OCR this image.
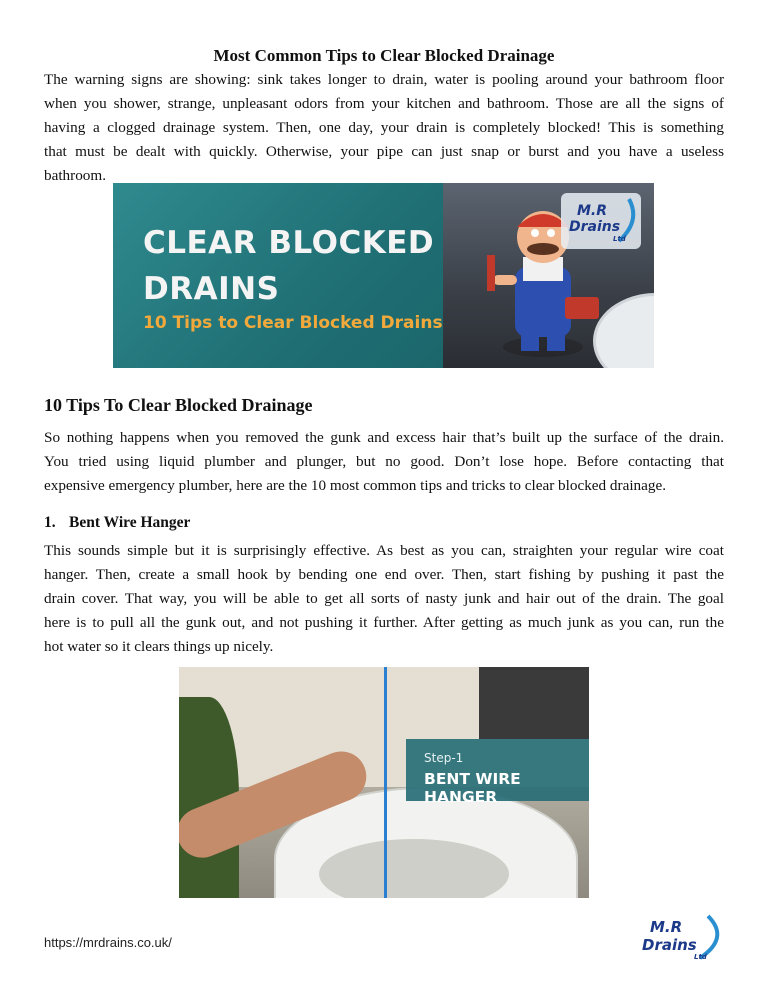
Most Common Tips to Clear Blocked Drainage

The warning signs are showing: sink takes longer to drain, water is pooling around your bathroom floor

when you shower, strange, unpleasant odors from your kitchen and bathroom. Those are all the signs of

having a clogged drainage system. Then, one day, your drain is completely blocked! This is something

that must be dealt with quickly. Otherwise, your pipe can just snap or burst and you have a useless

bathroom.

CLEAR BLOCKED
DRAINS
10 Tips to Clear Blocked Drains
M.R
Drains
Ltd
10 Tips To Clear Blocked Drainage

So nothing happens when you removed the gunk and excess hair that’s built up the surface of the drain.

You tried using liquid plumber and plunger, but no good. Don’t lose hope. Before contacting that

expensive emergency plumber, here are the 10 most common tips and tricks to clear blocked drainage.

1. Bent Wire Hanger

This sounds simple but it is surprisingly effective. As best as you can, straighten your regular wire coat

hanger. Then, create a small hook by bending one end over. Then, start fishing by pushing it past the

drain cover. That way, you will be able to get all sorts of nasty junk and hair out of the drain. The goal

here is to pull all the gunk out, and not pushing it further. After getting as much junk as you can, run the

hot water so it clears things up nicely.

Step-1
BENT WIRE HANGER
https://mrdrains.co.uk/
M.R
Drains
Ltd
